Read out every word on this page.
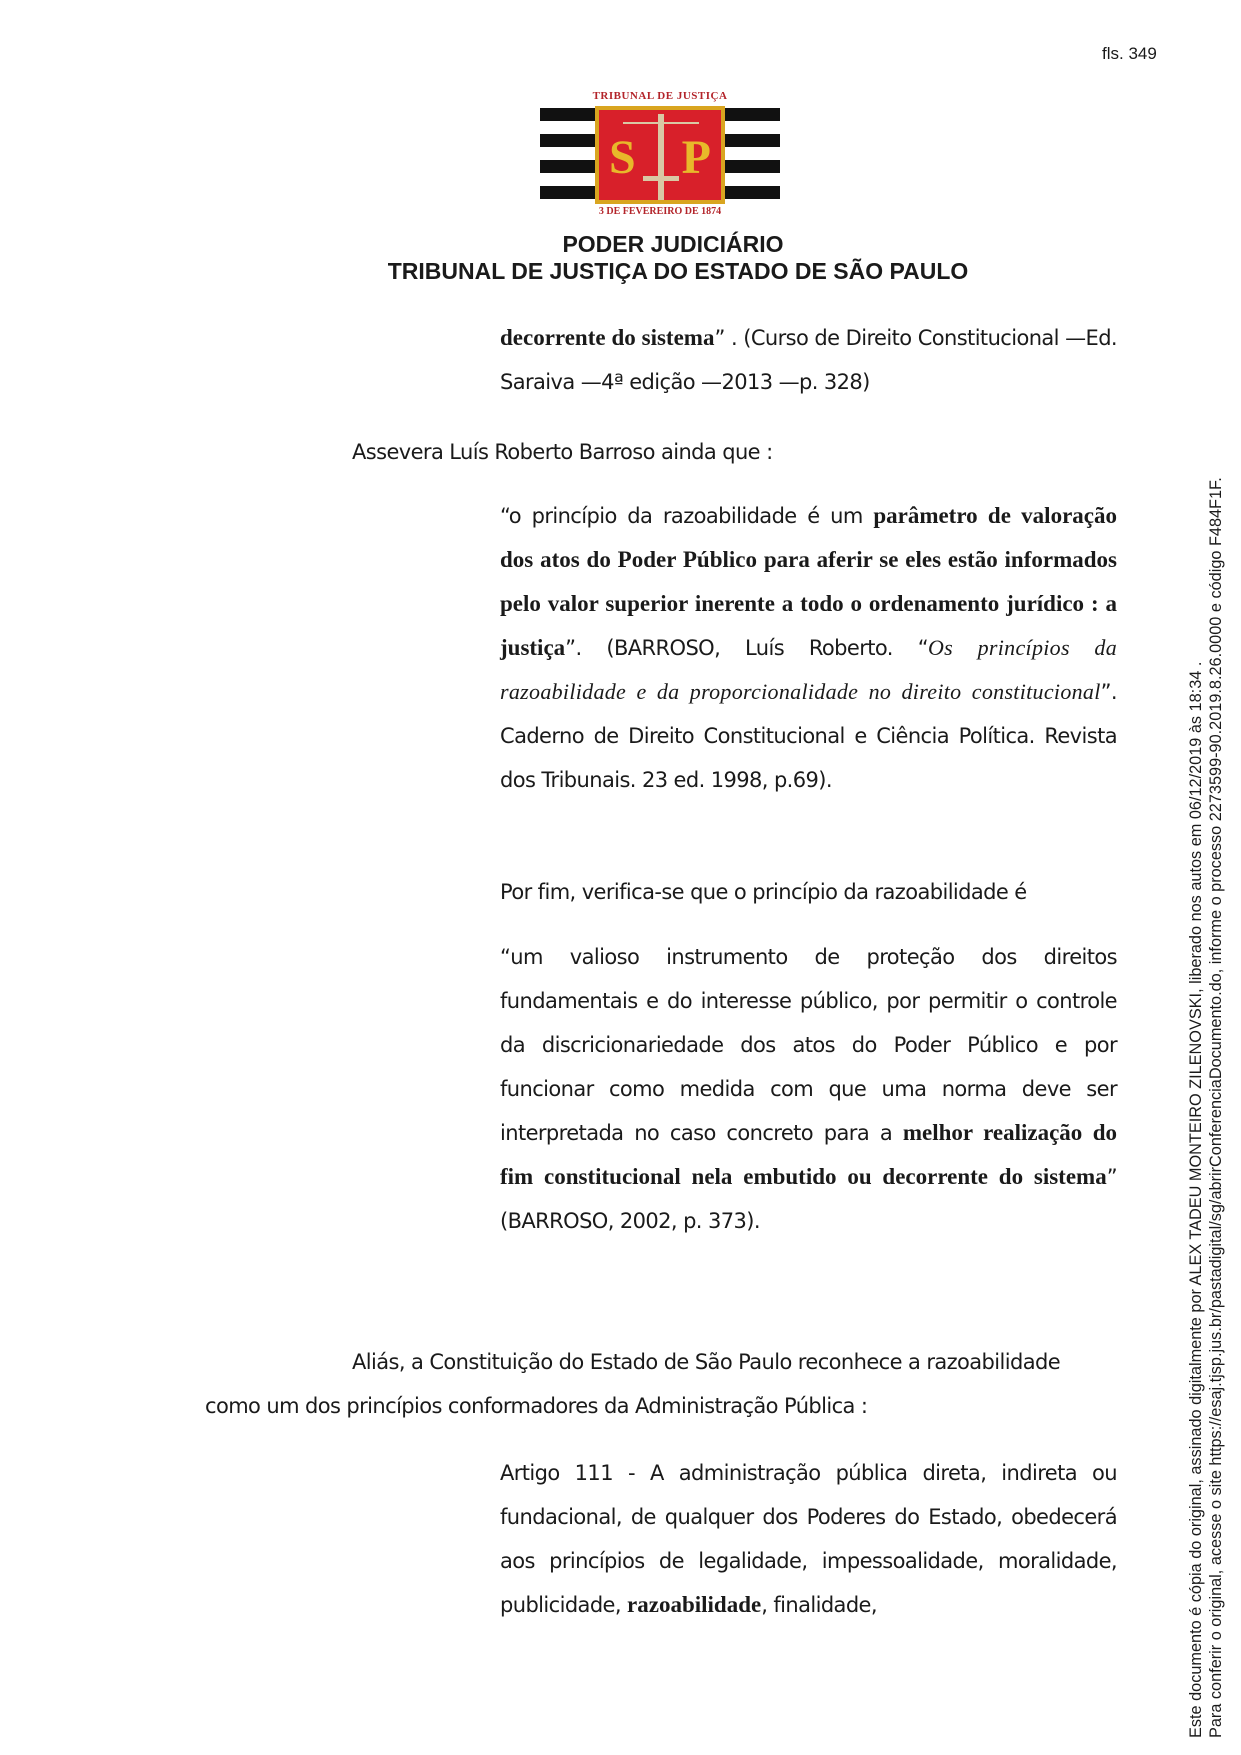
fls. 349
TRIBUNAL DE JUSTIÇA
S P
3 DE FEVEREIRO DE 1874
PODER JUDICIÁRIO
TRIBUNAL DE JUSTIÇA DO ESTADO DE SÃO PAULO
decorrente do sistema” . (Curso de Direito Constitucional —Ed. Saraiva —4ª edição —2013 —p. 328)
Assevera Luís Roberto Barroso ainda que :
“o princípio da razoabilidade é um parâmetro de valoração dos atos do Poder Público para aferir se eles estão informados pelo valor superior inerente a todo o ordenamento jurídico : a justiça”. (BARROSO, Luís Roberto. “Os princípios da razoabilidade e da proporcionalidade no direito constitucional”. Caderno de Direito Constitucional e Ciência Política. Revista dos Tribunais. 23 ed. 1998, p.69).
Por fim, verifica-se que o princípio da razoabilidade é
“um valioso instrumento de proteção dos direitos fundamentais e do interesse público, por permitir o controle da discricionariedade dos atos do Poder Público e por funcionar como medida com que uma norma deve ser interpretada no caso concreto para a melhor realização do fim constitucional nela embutido ou decorrente do sistema” (BARROSO, 2002, p. 373).
Aliás, a Constituição do Estado de São Paulo reconhece a razoabilidade
como um dos princípios conformadores da Administração Pública :
Artigo 111 - A administração pública direta, indireta ou fundacional, de qualquer dos Poderes do Estado, obedecerá aos princípios de legalidade, impessoalidade, moralidade, publicidade, razoabilidade, finalidade,	Este documento é cópia do original, assinado digitalmente por ALEX TADEU MONTEIRO ZILENOVSKI, liberado nos autos em 06/12/2019 às 18:34 . Para conferir o original, acesse o site https://esaj.tjsp.jus.br/pastadigital/sg/abrirConferenciaDocumento.do, informe o processo 2273599-90.2019.8.26.0000 e código F484F1F.
